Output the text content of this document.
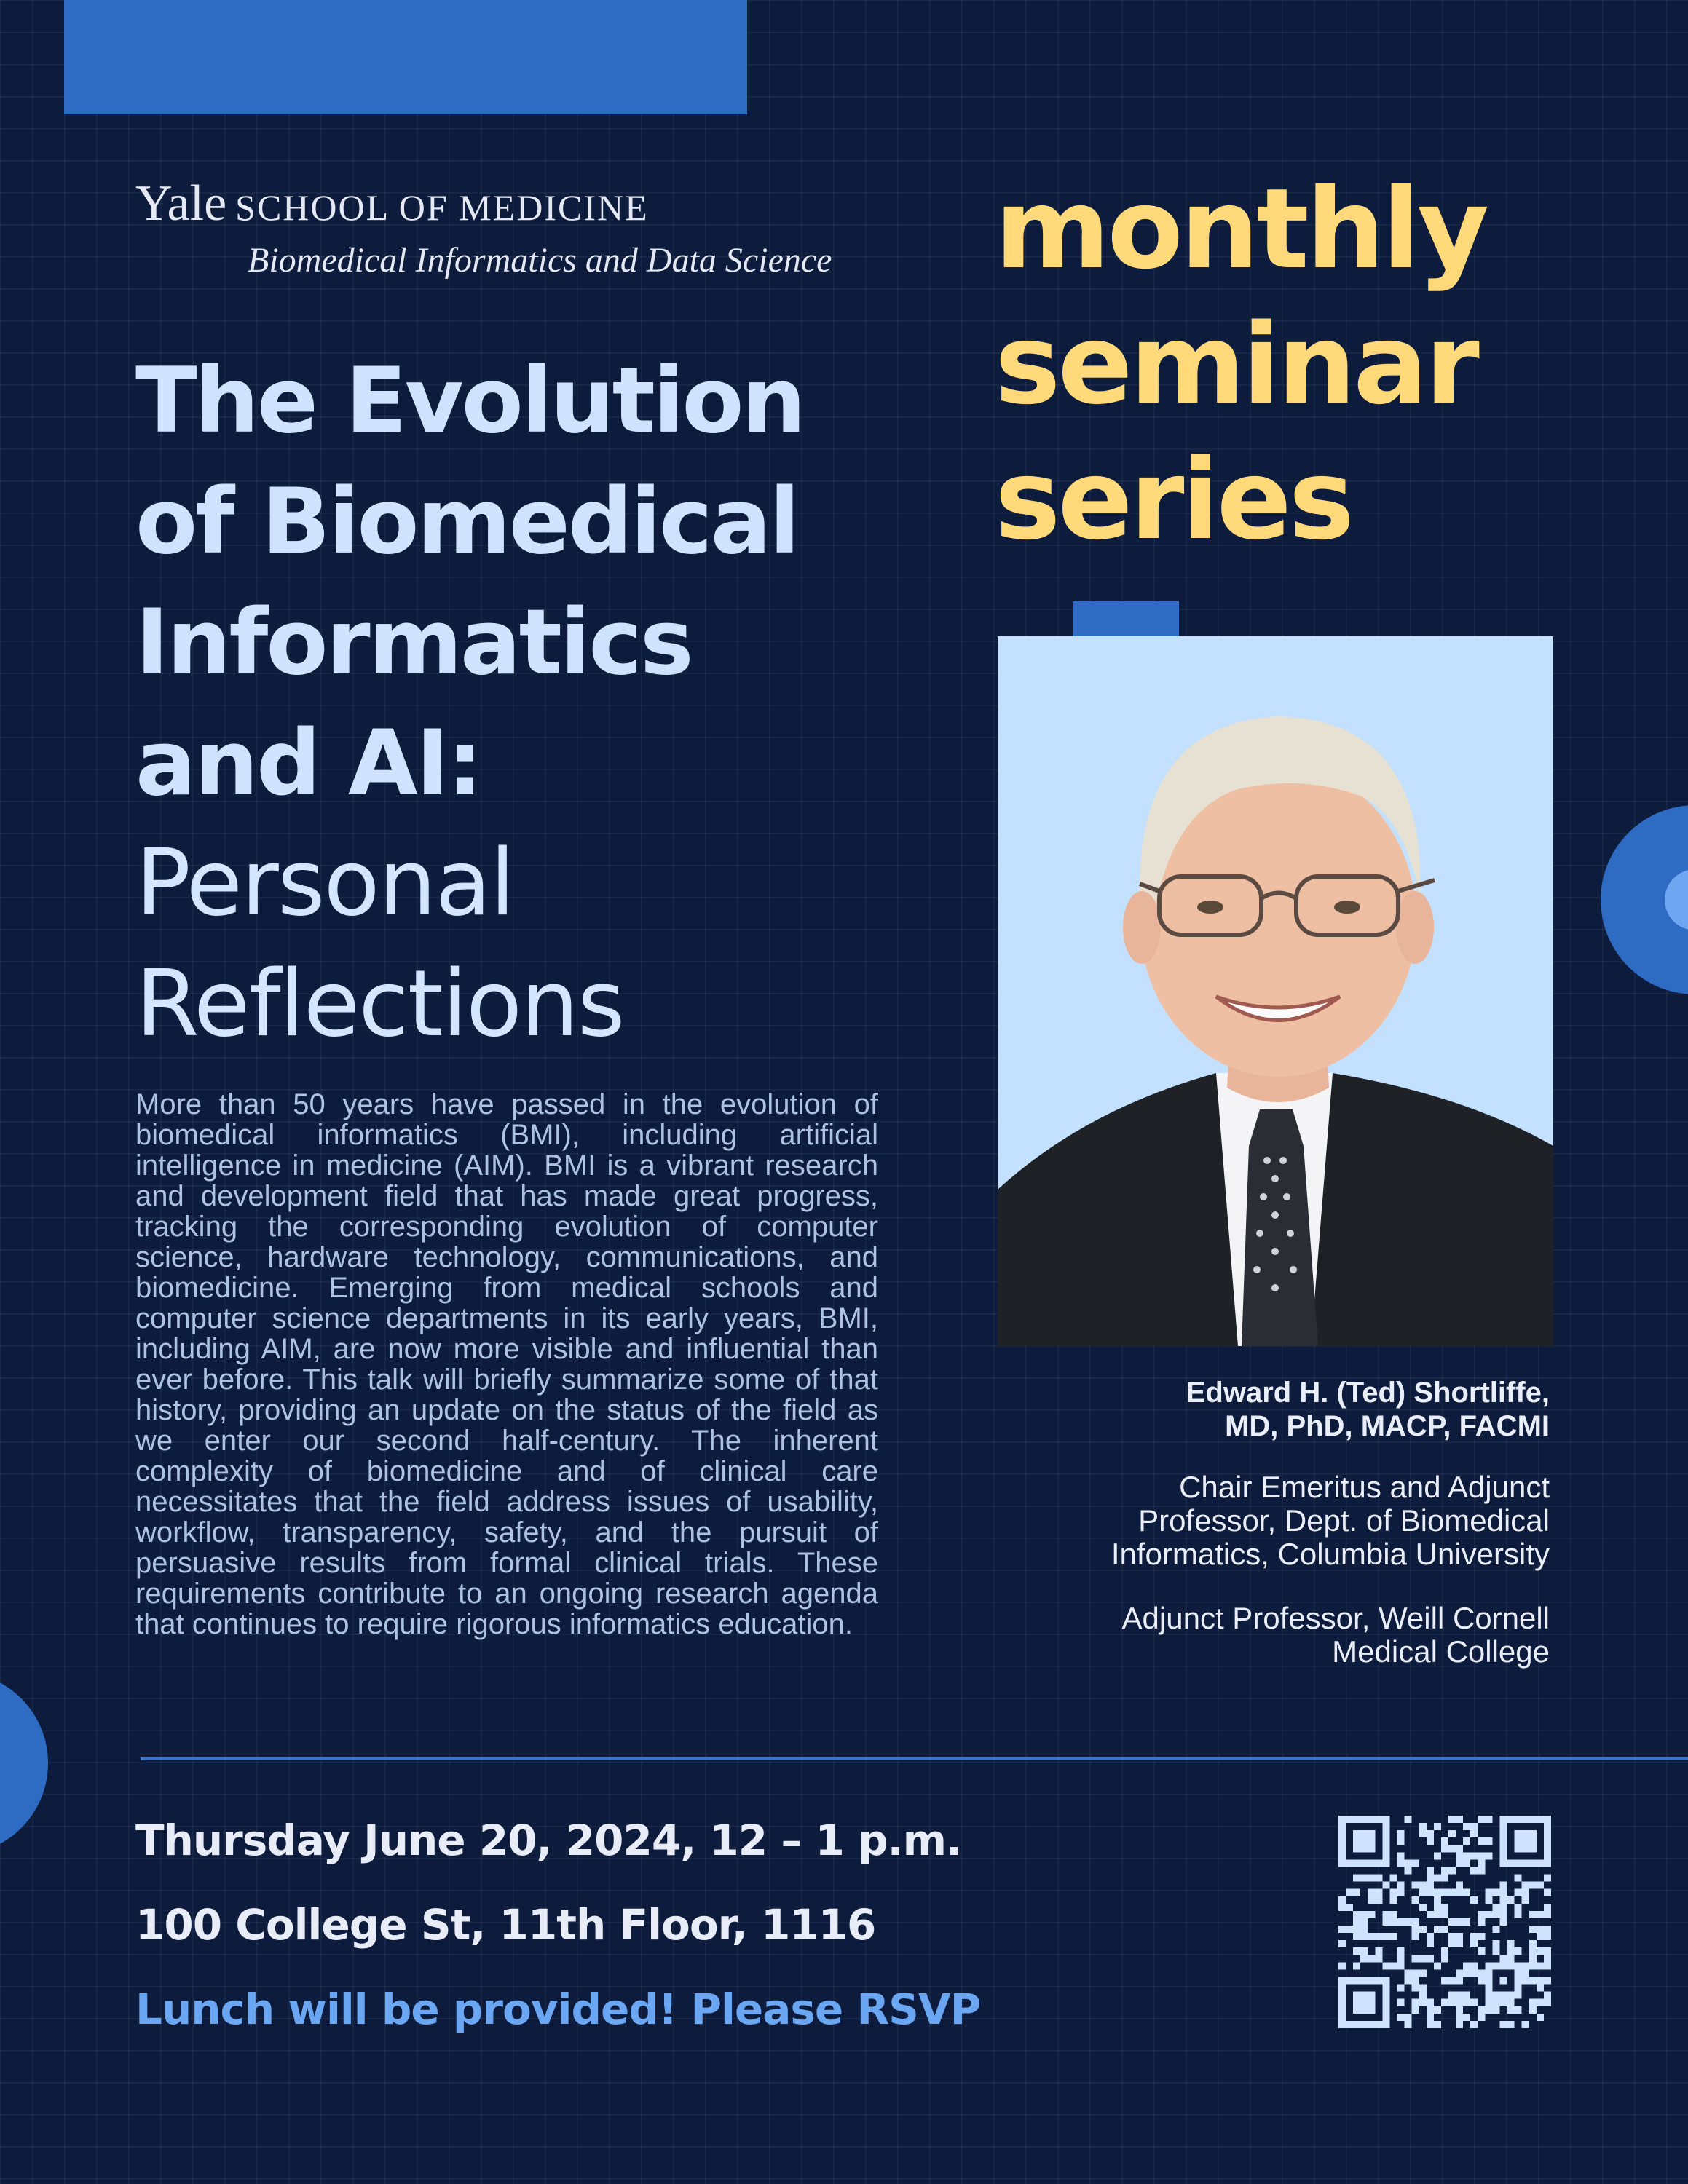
Yale SCHOOL OF MEDICINE
Biomedical Informatics and Data Science
The Evolution
of Biomedical
Informatics
and AI:
Personal
Reflections

More than 50 years have passed in the evolution of biomedical informatics (BMI), including artificial intelligence in medicine (AIM). BMI is a vibrant research and development field that has made great progress, tracking the corresponding evolution of computer science, hardware technology, communications, and biomedicine. Emerging from medical schools and computer science departments in its early years, BMI, including AIM, are now more visible and influential than ever before. This talk will briefly summarize some of that history, providing an update on the status of the field as we enter our second half-century. The inherent complexity of biomedicine and of clinical care necessitates that the field address issues of usability, workflow, transparency, safety, and the pursuit of persuasive results from formal clinical trials. These requirements contribute to an ongoing research agenda that continues to require rigorous informatics education.

monthly
seminar
series
Edward H. (Ted) Shortliffe,
MD, PhD, MACP, FACMI
Chair Emeritus and Adjunct
Professor, Dept. of Biomedical
Informatics, Columbia University
Adjunct Professor, Weill Cornell
Medical College
Thursday June 20, 2024, 12 – 1 p.m.
100 College St, 11th Floor, 1116
Lunch will be provided! Please RSVP
